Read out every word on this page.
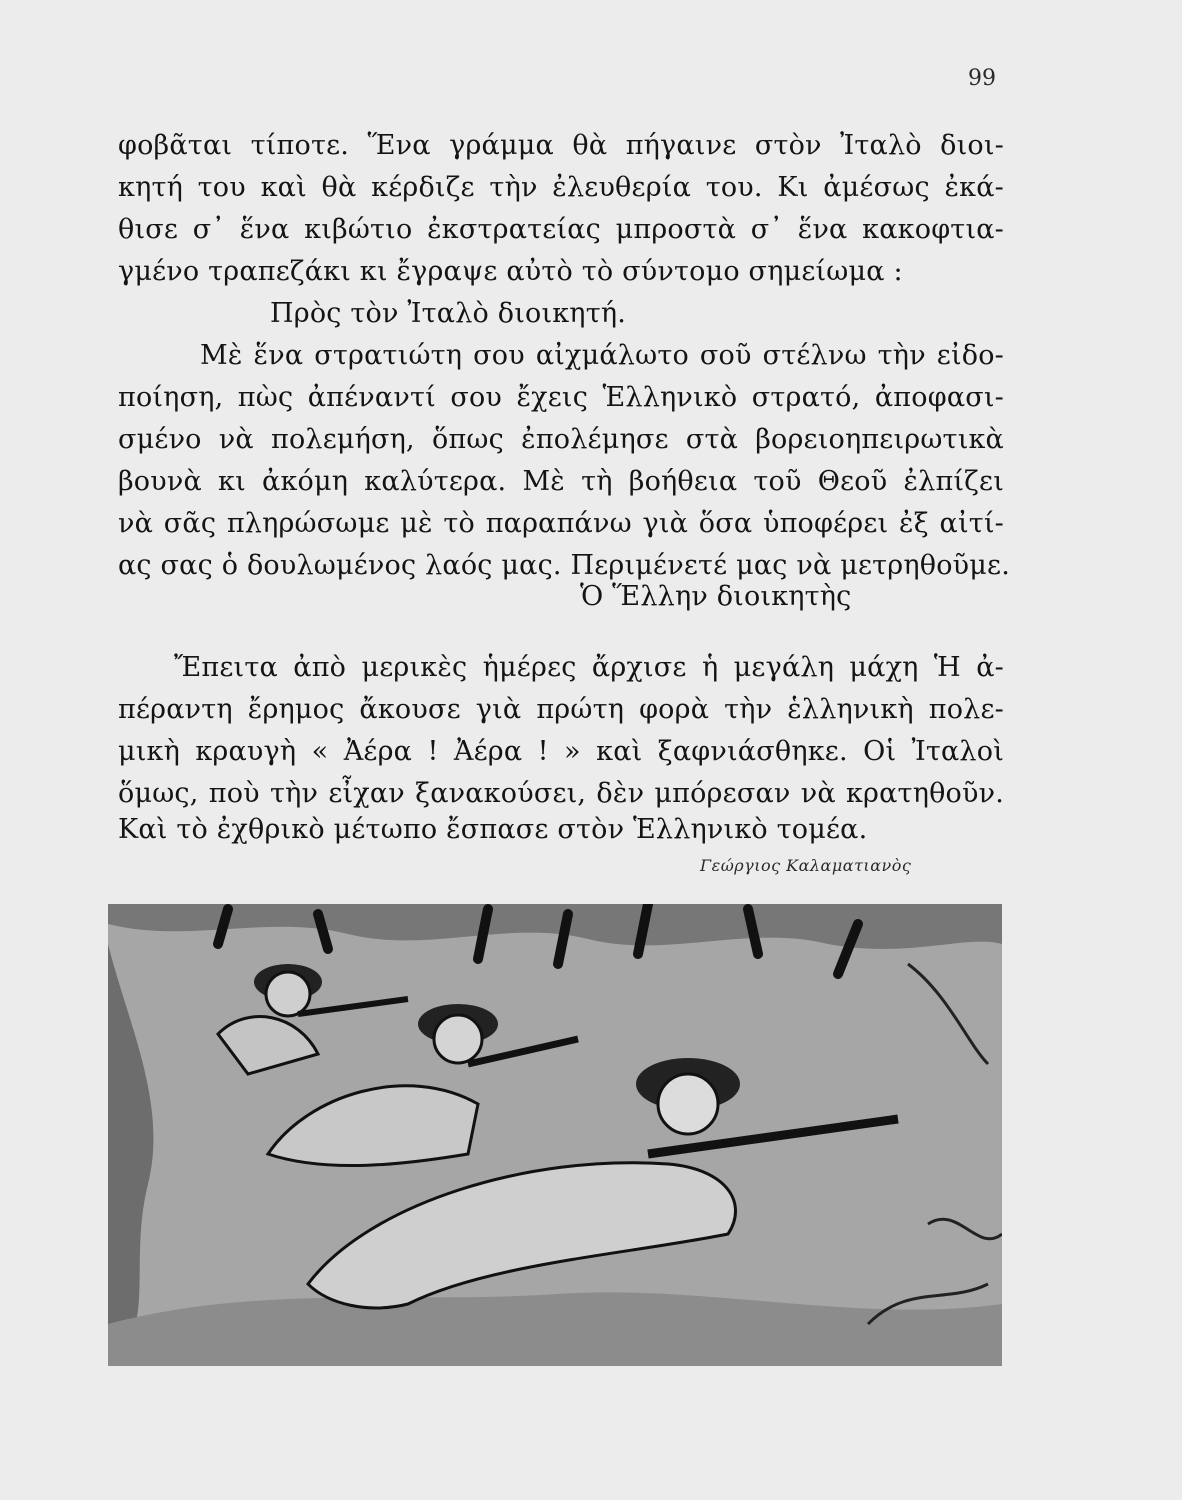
99
φοβᾶται τίποτε. Ἕνα γράμμα θὰ πήγαινε στὸν Ἰταλὸ διοι-
κητή του καὶ θὰ κέρδιζε τὴν ἐλευθερία του. Κι ἀμέσως ἐκά-
θισε σ᾿ ἕνα κιβώτιο ἐκστρατείας μπροστὰ σ᾿ ἕνα κακοφτια-
γμένο τραπεζάκι κι ἔγραψε αὐτὸ τὸ σύντομο σημείωμα :
Πρὸς τὸν Ἰταλὸ διοικητή.
Μὲ ἕνα στρατιώτη σου αἰχμάλωτο σοῦ στέλνω τὴν εἰδο-
ποίηση, πὼς ἀπέναντί σου ἔχεις Ἑλληνικὸ στρατό, ἀποφασι-
σμένο νὰ πολεμήση, ὅπως ἐπολέμησε στὰ βορειοηπειρωτικὰ
βουνὰ κι ἀκόμη καλύτερα. Μὲ τὴ βοήθεια τοῦ Θεοῦ ἐλπίζει
νὰ σᾶς πληρώσωμε μὲ τὸ παραπάνω γιὰ ὅσα ὑποφέρει ἐξ αἰτί-
ας σας ὁ δουλωμένος λαός μας. Περιμένετέ μας νὰ μετρηθοῦμε.
Ὁ Ἕλλην διοικητὴς
Ἔπειτα ἀπὸ μερικὲς ἡμέρες ἄρχισε ἡ μεγάλη μάχη Ἡ ἀ-
πέραντη ἔρημος ἄκουσε γιὰ πρώτη φορὰ τὴν ἑλληνικὴ πολε-
μικὴ κραυγὴ « Ἀέρα ! Ἀέρα ! » καὶ ξαφνιάσθηκε. Οἱ Ἰταλοὶ
ὅμως, ποὺ τὴν εἶχαν ξανακούσει, δὲν μπόρεσαν νὰ κρατηθοῦν.
Καὶ τὸ ἐχθρικὸ μέτωπο ἔσπασε στὸν Ἑλληνικὸ τομέα.
Γεώργιος Καλαματιανὸς
